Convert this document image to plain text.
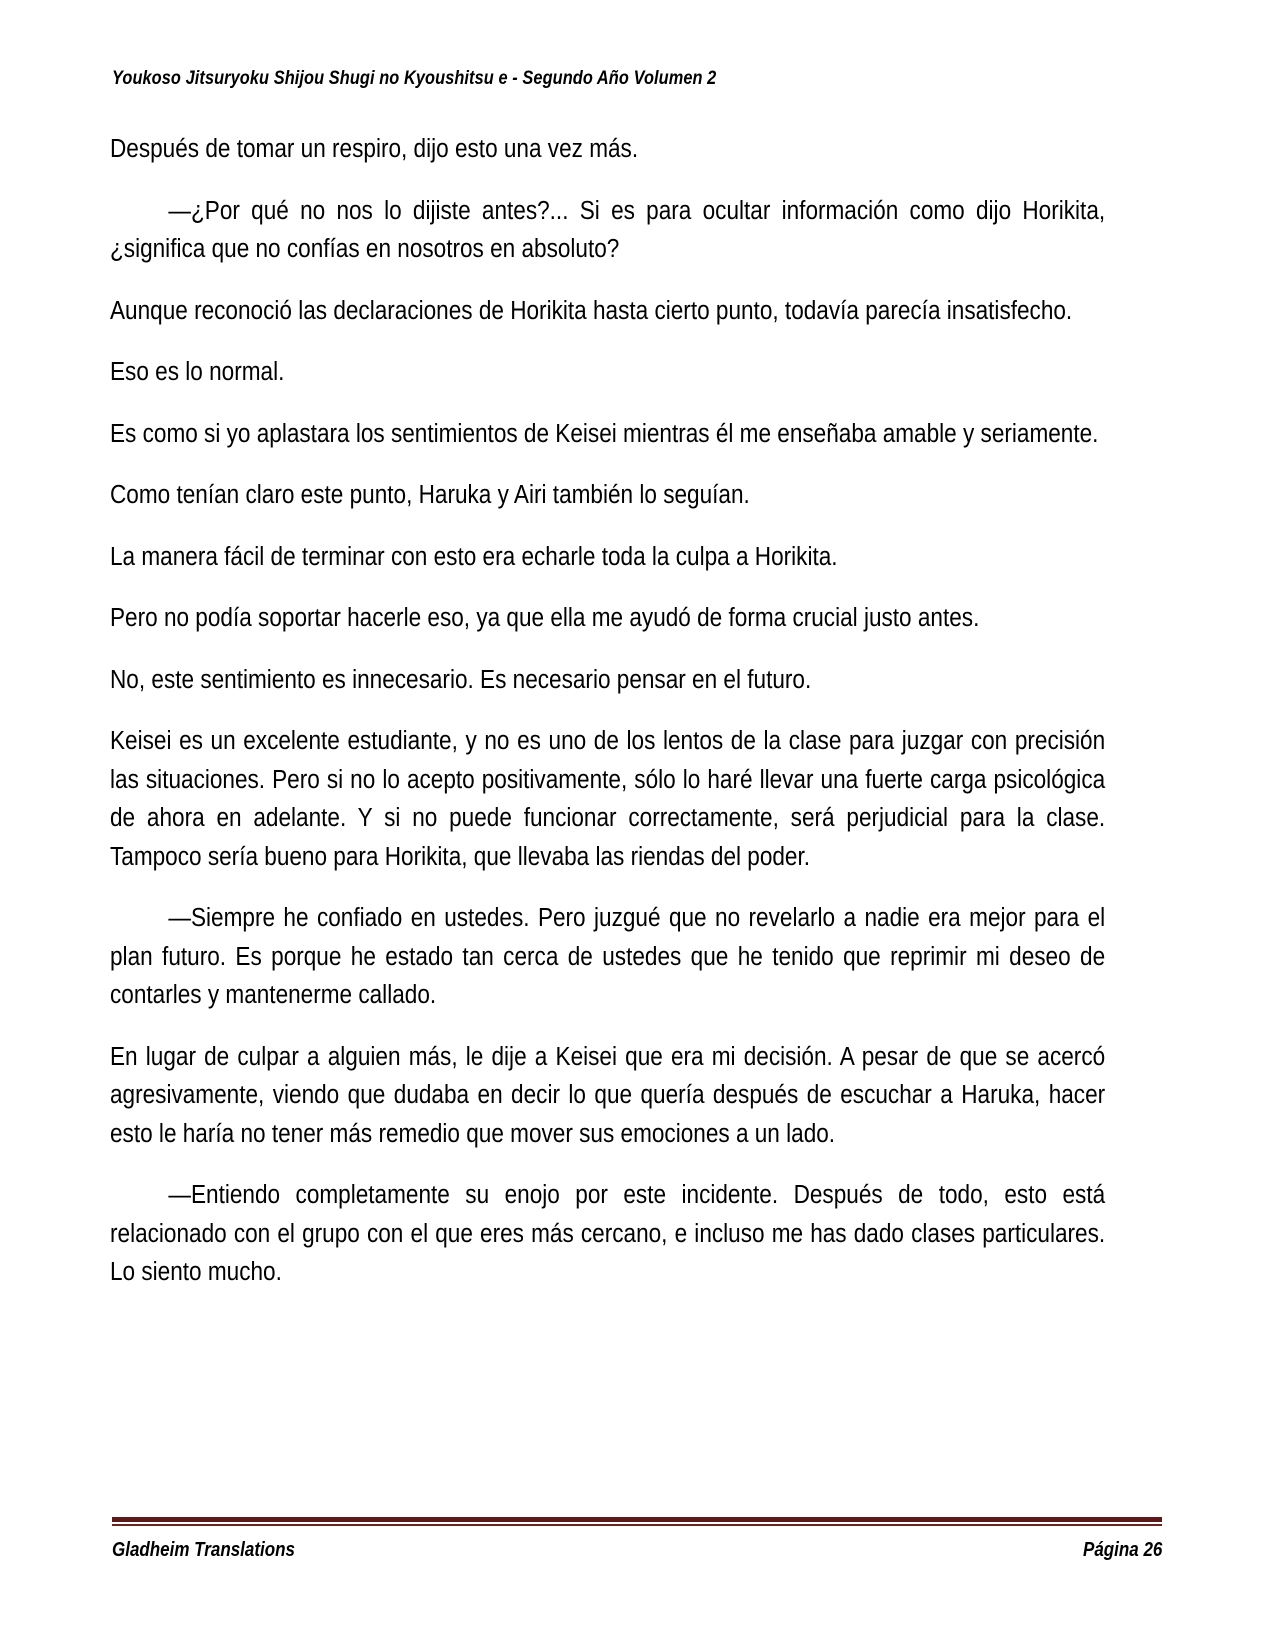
Youkoso Jitsuryoku Shijou Shugi no Kyoushitsu e - Segundo Año Volumen 2

Después de tomar un respiro, dijo esto una vez más.

—¿Por qué no nos lo dijiste antes?... Si es para ocultar información como dijo Horikita, ¿significa que no confías en nosotros en absoluto?

Aunque reconoció las declaraciones de Horikita hasta cierto punto, todavía parecía insatisfecho.

Eso es lo normal.

Es como si yo aplastara los sentimientos de Keisei mientras él me enseñaba amable y seriamente.

Como tenían claro este punto, Haruka y Airi también lo seguían.

La manera fácil de terminar con esto era echarle toda la culpa a Horikita.

Pero no podía soportar hacerle eso, ya que ella me ayudó de forma crucial justo antes.

No, este sentimiento es innecesario. Es necesario pensar en el futuro.

Keisei es un excelente estudiante, y no es uno de los lentos de la clase para juzgar con precisión las situaciones. Pero si no lo acepto positivamente, sólo lo haré llevar una fuerte carga psicológica de ahora en adelante. Y si no puede funcionar correctamente, será perjudicial para la clase. Tampoco sería bueno para Horikita, que llevaba las riendas del poder.

—Siempre he confiado en ustedes. Pero juzgué que no revelarlo a nadie era mejor para el plan futuro. Es porque he estado tan cerca de ustedes que he tenido que reprimir mi deseo de contarles y mantenerme callado.

En lugar de culpar a alguien más, le dije a Keisei que era mi decisión. A pesar de que se acercó agresivamente, viendo que dudaba en decir lo que quería después de escuchar a Haruka, hacer esto le haría no tener más remedio que mover sus emociones a un lado.

—Entiendo completamente su enojo por este incidente. Después de todo, esto está relacionado con el grupo con el que eres más cercano, e incluso me has dado clases particulares. Lo siento mucho.

Gladheim Translations	Página 26
